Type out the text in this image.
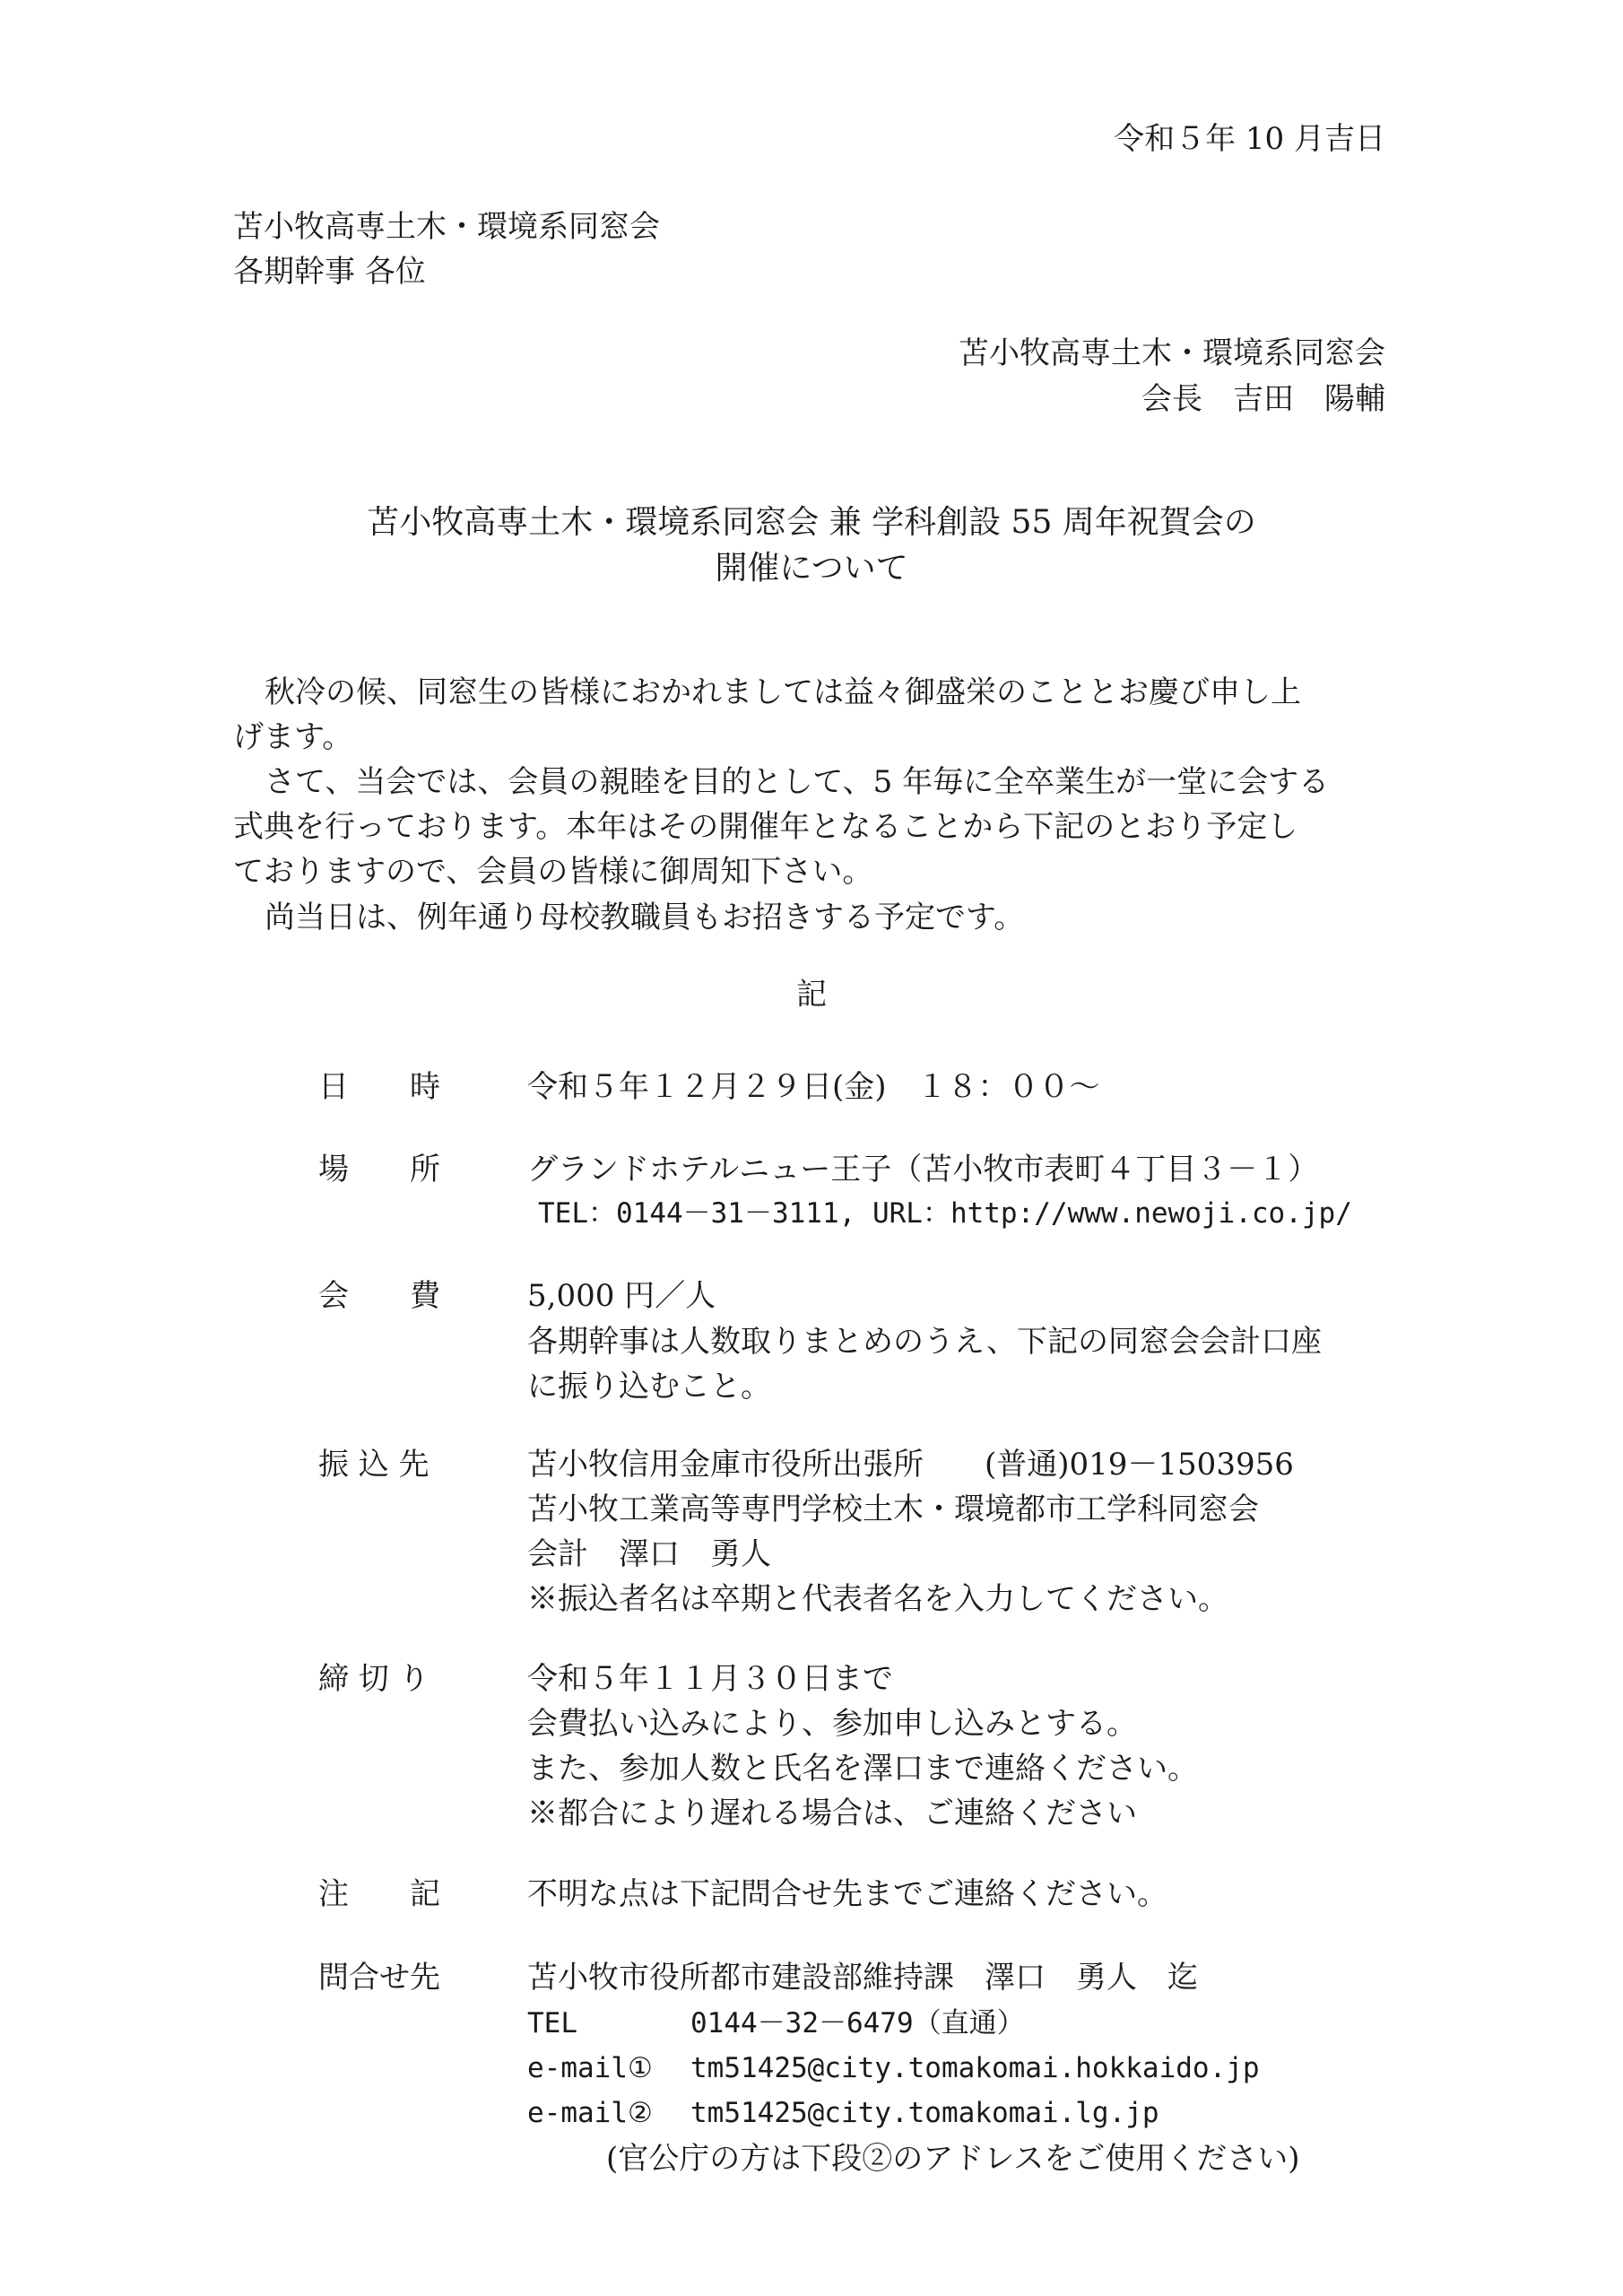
令和５年 10 月吉日
苫小牧高専土木・環境系同窓会
各期幹事 各位
苫小牧高専土木・環境系同窓会
会長　吉田　陽輔
苫小牧高専土木・環境系同窓会 兼 学科創設 55 周年祝賀会の
開催について
秋冷の候、同窓生の皆様におかれましては益々御盛栄のこととお慶び申し上
げます。
さて、当会では、会員の親睦を目的として、5 年毎に全卒業生が一堂に会する
式典を行っております。本年はその開催年となることから下記のとおり予定し
ておりますので、会員の皆様に御周知下さい。
尚当日は、例年通り母校教職員もお招きする予定です。
記
日　　時	令和５年１２月２９日(金)　１８：００～
場　　所	グランドホテルニュー王子（苫小牧市表町４丁目３－１）
TEL：0144－31－3111, URL：http://www.newoji.co.jp/
会　　費	5,000 円／人
各期幹事は人数取りまとめのうえ、下記の同窓会会計口座
に振り込むこと。
振 込 先	苫小牧信用金庫市役所出張所　　(普通)019－1503956
苫小牧工業高等専門学校土木・環境都市工学科同窓会
会計　澤口　勇人
※振込者名は卒期と代表者名を入力してください。
締 切 り	令和５年１１月３０日まで
会費払い込みにより、参加申し込みとする。
また、参加人数と氏名を澤口まで連絡ください。
※都合により遅れる場合は、ご連絡ください
注　　記	不明な点は下記問合せ先までご連絡ください。
問合せ先	苫小牧市役所都市建設部維持課　澤口　勇人　迄
TEL	0144－32－6479（直通）
e-mail① tm51425@city.tomakomai.hokkaido.jp
e-mail② tm51425@city.tomakomai.lg.jp
(官公庁の方は下段②のアドレスをご使用ください)
